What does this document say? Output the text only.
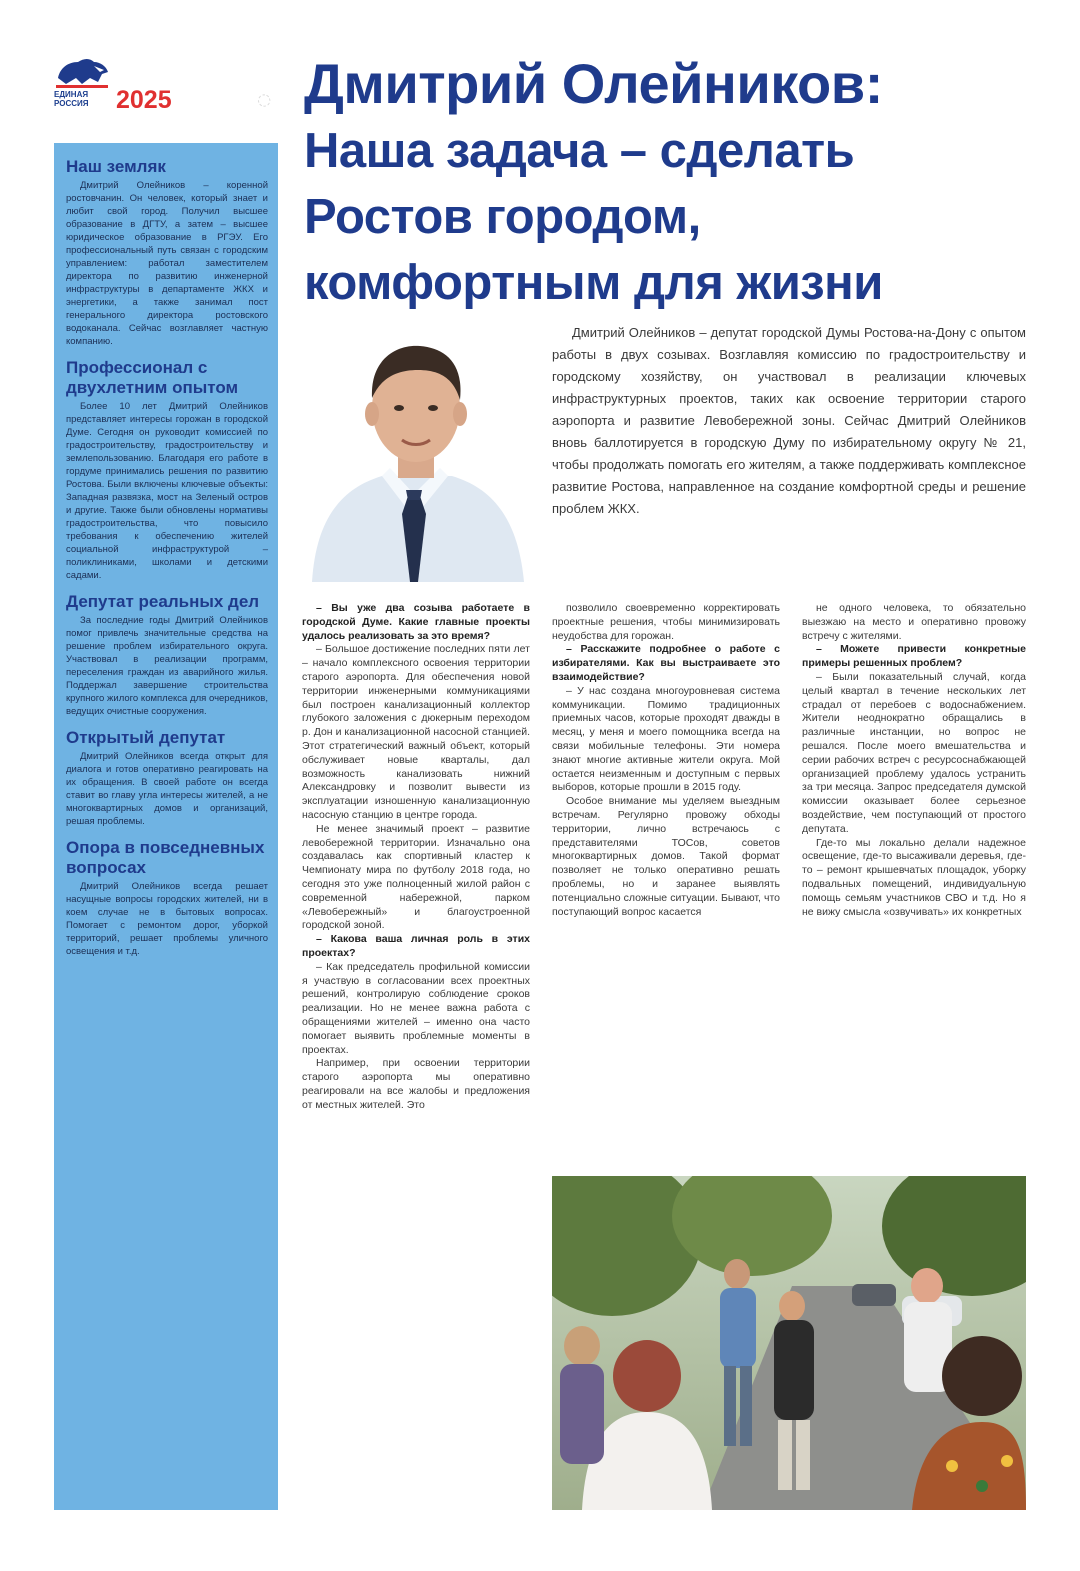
ЕДИНАЯ РОССИЯ	2025 Дмитрий Олейников:
Наша задача – сделать
Ростов городом,
комфортным для жизни
Наш земляк
Дмитрий Олейников – коренной ростовчанин. Он человек, который знает и любит свой город. Получил высшее образование в ДГТУ, а затем – высшее юридическое образование в РГЭУ. Его профессиональный путь связан с городским управлением: работал заместителем директора по развитию инженерной инфраструктуры в департаменте ЖКХ и энергетики, а также занимал пост генерального директора ростовского водоканала. Сейчас возглавляет частную компанию.
Профессионал с двухлетним опытом
Более 10 лет Дмитрий Олейников представляет интересы горожан в городской Думе. Сегодня он руководит комиссией по градостроительству, градостроительству и землепользованию. Благодаря его работе в гордуме принимались решения по развитию Ростова. Были включены ключевые объекты: Западная развязка, мост на Зеленый остров и другие. Также были обновлены нормативы градостроительства, что повысило требования к обеспечению жителей социальной инфраструктурой – поликлиниками, школами и детскими садами.
Депутат реальных дел
За последние годы Дмитрий Олейников помог привлечь значительные средства на решение проблем избирательного округа. Участвовал в реализации программ, переселения граждан из аварийного жилья. Поддержал завершение строительства крупного жилого комплекса для очередников, ведущих очистные сооружения.
Открытый депутат
Дмитрий Олейников всегда открыт для диалога и готов оперативно реагировать на их обращения. В своей работе он всегда ставит во главу угла интересы жителей, а не многоквартирных домов и организаций, решая проблемы.
Опора в повседневных вопросах
Дмитрий Олейников всегда решает насущные вопросы городских жителей, ни в коем случае не в бытовых вопросах. Помогает с ремонтом дорог, уборкой территорий, решает проблемы уличного освещения и т.д.
Дмитрий Олейников – депутат городской Думы Ростова-на-Дону с опытом работы в двух созывах. Возглавляя комиссию по градостроительству и городскому хозяйству, он участвовал в реализации ключевых инфраструктурных проектов, таких как освоение территории старого аэропорта и развитие Левобережной зоны. Сейчас Дмитрий Олейников вновь баллотируется в городскую Думу по избирательному округу № 21, чтобы продолжать помогать его жителям, а также поддерживать комплексное развитие Ростова, направленное на создание комфортной среды и решение проблем ЖКХ.

– Вы уже два созыва работаете в городской Думе. Какие главные проекты удалось реализовать за это время?

– Большое достижение последних пяти лет – начало комплексного освоения территории старого аэропорта. Для обеспечения новой территории инженерными коммуникациями был построен канализационный коллектор глубокого заложения с дюкерным переходом р. Дон и канализационной насосной станцией. Этот стратегический важный объект, который обслуживает новые кварталы, дал возможность канализовать нижний Александровку и позволит вывести из эксплуатации изношенную канализационную насосную станцию в центре города.

Не менее значимый проект – развитие левобережной территории. Изначально она создавалась как спортивный кластер к Чемпионату мира по футболу 2018 года, но сегодня это уже полноценный жилой район с современной набережной, парком «Левобережный» и благоустроенной городской зоной.

– Какова ваша личная роль в этих проектах?

– Как председатель профильной комиссии я участвую в согласовании всех проектных решений, контролирую соблюдение сроков реализации. Но не менее важна работа с обращениями жителей – именно она часто помогает выявить проблемные моменты в проектах.

Например, при освоении территории старого аэропорта мы оперативно реагировали на все жалобы и предложения от местных жителей. Это

позволило своевременно корректировать проектные решения, чтобы минимизировать неудобства для горожан.

– Расскажите подробнее о работе с избирателями. Как вы выстраиваете это взаимодействие?

– У нас создана многоуровневая система коммуникации. Помимо традиционных приемных часов, которые проходят дважды в месяц, у меня и моего помощника всегда на связи мобильные телефоны. Эти номера знают многие активные жители округа. Мой остается неизменным и доступным с первых выборов, которые прошли в 2015 году.

Особое внимание мы уделяем выездным встречам. Регулярно провожу обходы территории, лично встречаюсь с представителями ТОСов, советов многоквартирных домов. Такой формат позволяет не только оперативно решать проблемы, но и заранее выявлять потенциально сложные ситуации. Бывают, что поступающий вопрос касается

не одного человека, то обязательно выезжаю на место и оперативно провожу встречу с жителями.

– Можете привести конкретные примеры решенных проблем?

– Были показательный случай, когда целый квартал в течение нескольких лет страдал от перебоев с водоснабжением. Жители неоднократно обращались в различные инстанции, но вопрос не решался. После моего вмешательства и серии рабочих встреч с ресурсоснабжающей организацией проблему удалось устранить за три месяца. Запрос председателя думской комиссии оказывает более серьезное воздействие, чем поступающий от простого депутата.

Где-то мы локально делали надежное освещение, где-то высаживали деревья, где-то – ремонт крышевчатых площадок, уборку подвальных помещений, индивидуальную помощь семьям участников СВО и т.д. Но я не вижу смысла «озвучивать» их конкретных

◌
